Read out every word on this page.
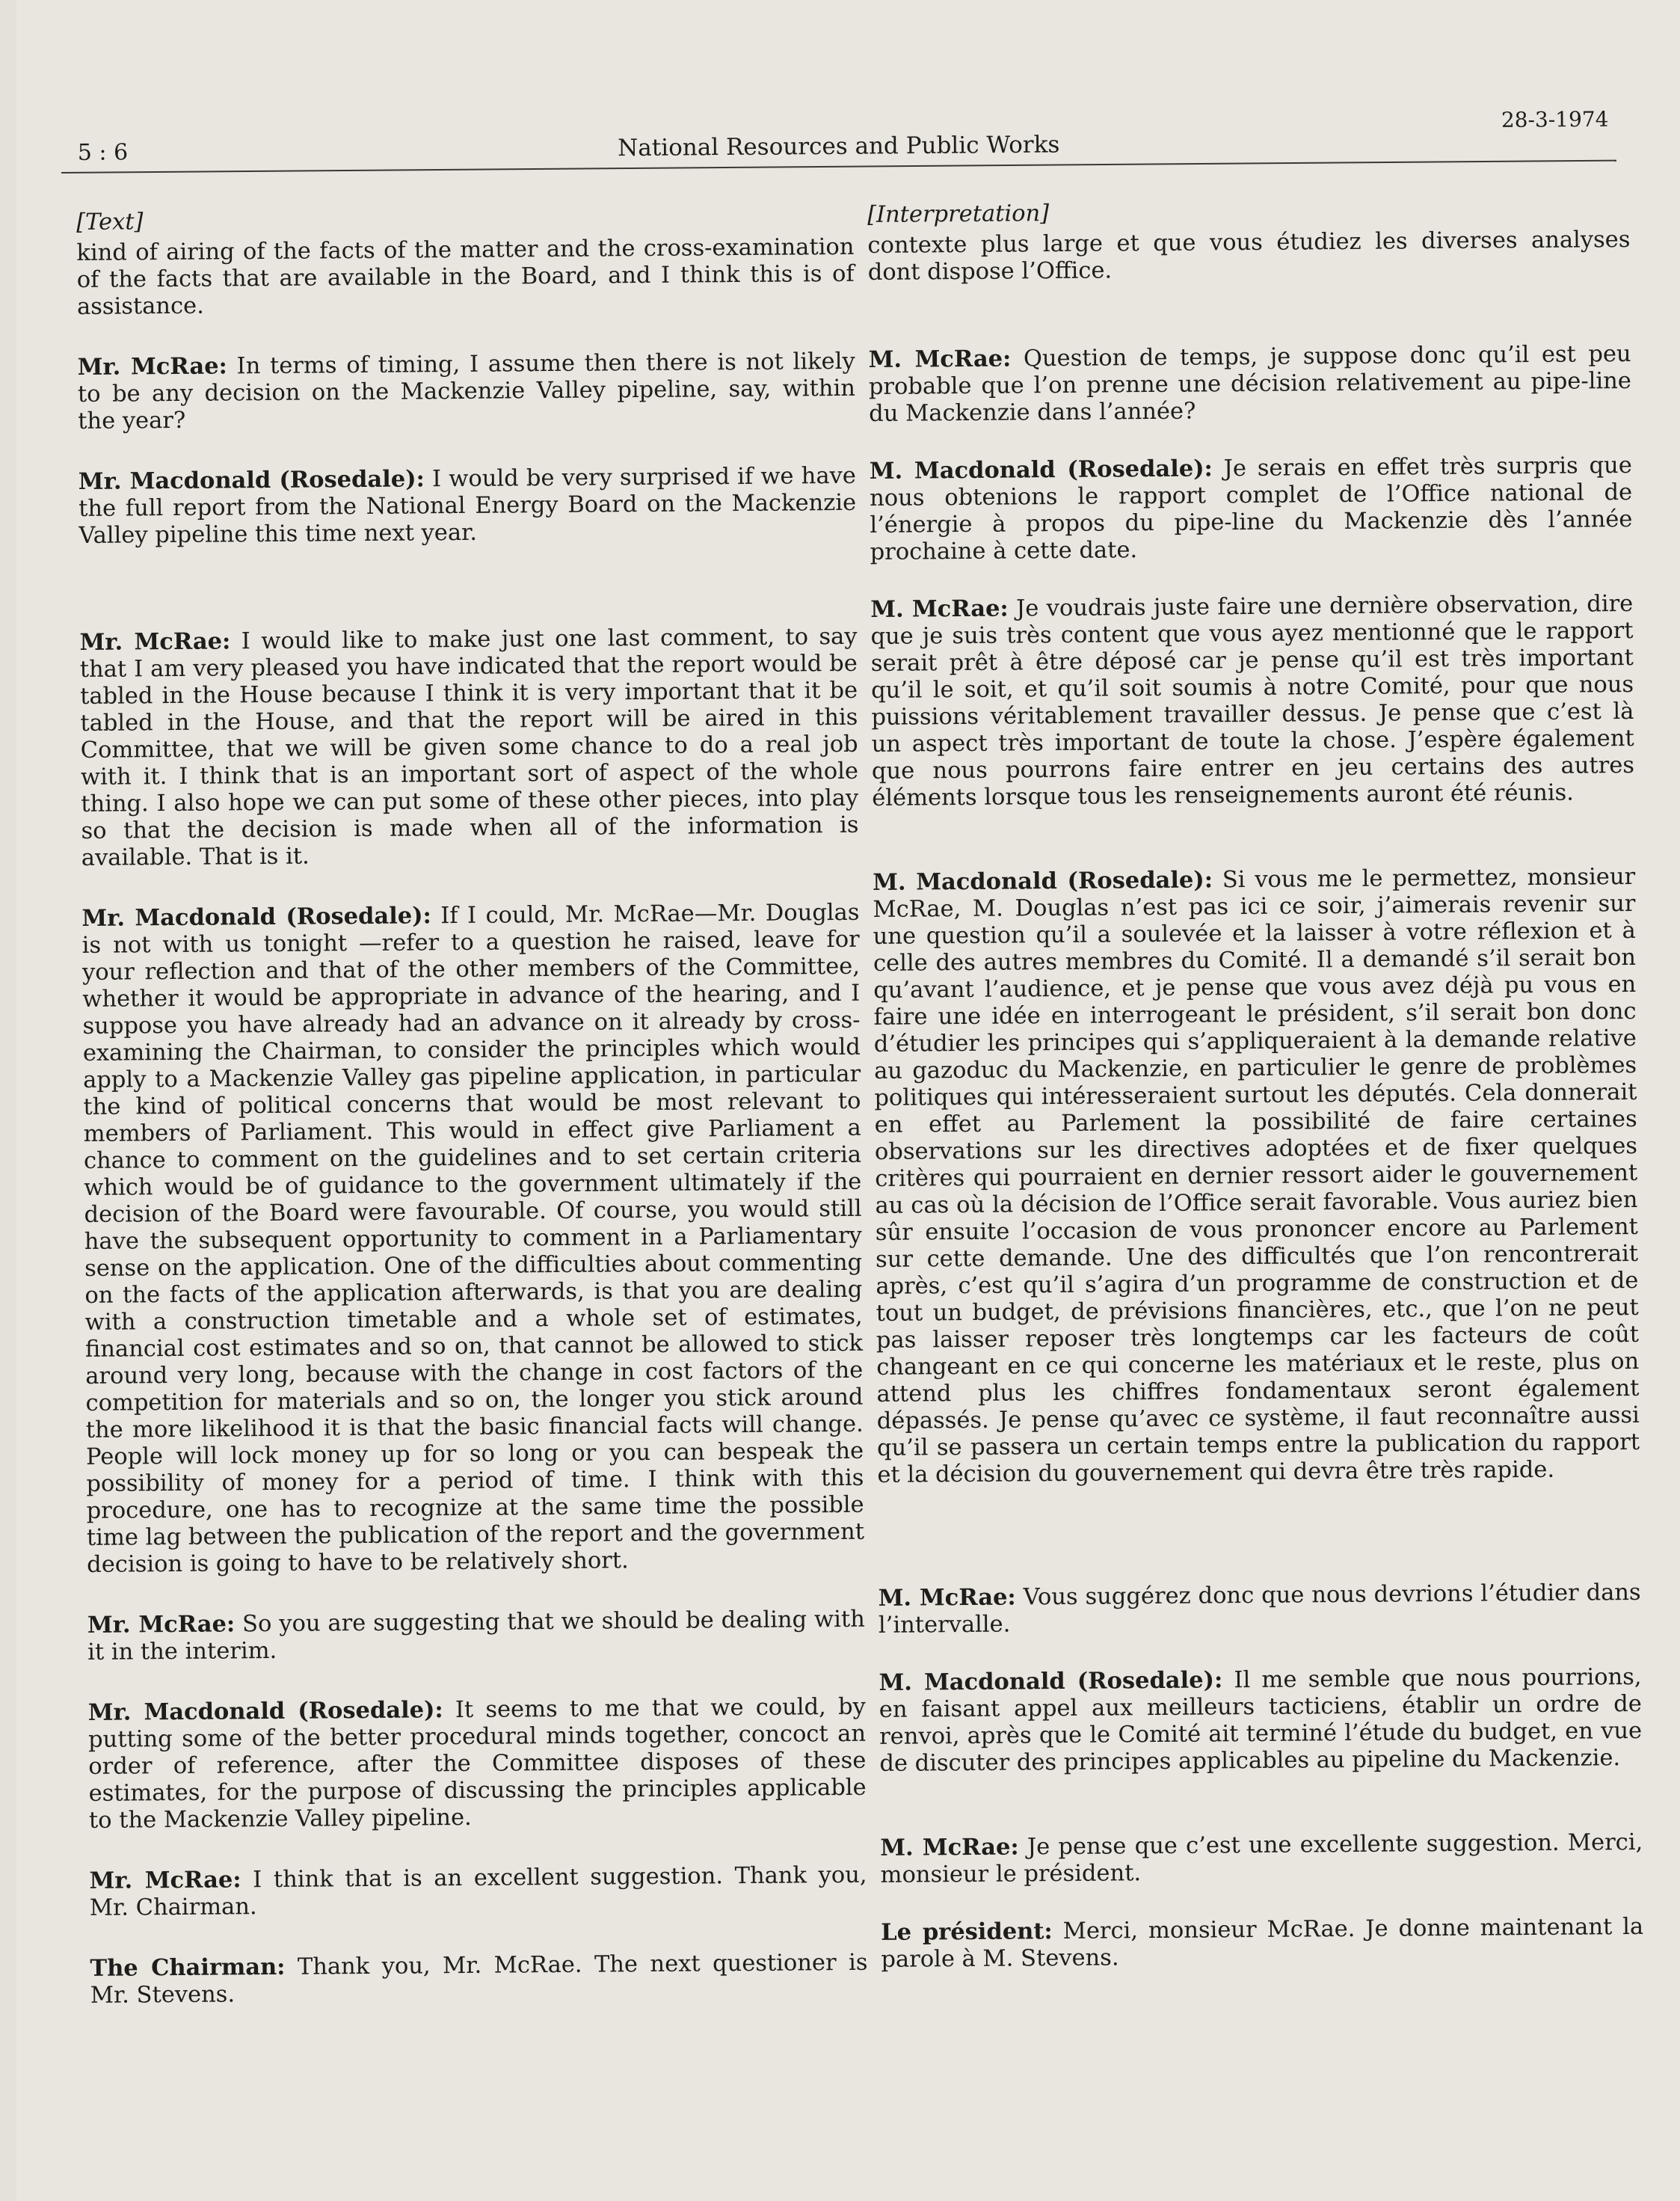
5 : 6	National Resources and Public Works
28-3-1974

[Text]

kind of airing of the facts of the matter and the cross-examination of the facts that are available in the Board, and I think this is of assistance.

Mr. McRae: In terms of timing, I assume then there is not likely to be any decision on the Mackenzie Valley pipeline, say, within the year?

Mr. Macdonald (Rosedale): I would be very surprised if we have the full report from the National Energy Board on the Mackenzie Valley pipeline this time next year.

Mr. McRae: I would like to make just one last comment, to say that I am very pleased you have indicated that the report would be tabled in the House because I think it is very important that it be tabled in the House, and that the report will be aired in this Committee, that we will be given some chance to do a real job with it. I think that is an important sort of aspect of the whole thing. I also hope we can put some of these other pieces, into play so that the decision is made when all of the information is available. That is it.

Mr. Macdonald (Rosedale): If I could, Mr. McRae—Mr. Douglas is not with us tonight —refer to a question he raised, leave for your reflection and that of the other members of the Committee, whether it would be appropriate in advance of the hearing, and I suppose you have already had an advance on it already by cross-examining the Chairman, to consider the principles which would apply to a Mackenzie Valley gas pipeline application, in particular the kind of political concerns that would be most relevant to members of Parliament. This would in effect give Parliament a chance to comment on the guidelines and to set certain criteria which would be of guidance to the government ultimately if the decision of the Board were favourable. Of course, you would still have the subsequent opportunity to comment in a Parliamentary sense on the application. One of the difficulties about commenting on the facts of the application afterwards, is that you are dealing with a construction timetable and a whole set of estimates, financial cost estimates and so on, that cannot be allowed to stick around very long, because with the change in cost factors of the competition for materials and so on, the longer you stick around the more likelihood it is that the basic financial facts will change. People will lock money up for so long or you can bespeak the possibility of money for a period of time. I think with this procedure, one has to recognize at the same time the possible time lag between the publication of the report and the government decision is going to have to be relatively short.

Mr. McRae: So you are suggesting that we should be dealing with it in the interim.

Mr. Macdonald (Rosedale): It seems to me that we could, by putting some of the better procedural minds together, concoct an order of reference, after the Committee disposes of these estimates, for the purpose of discussing the principles applicable to the Mackenzie Valley pipeline.

Mr. McRae: I think that is an excellent suggestion. Thank you, Mr. Chairman.

The Chairman: Thank you, Mr. McRae. The next questioner is Mr. Stevens.

[Interpretation]

contexte plus large et que vous étudiez les diverses analyses dont dispose l’Office.

M. McRae: Question de temps, je suppose donc qu’il est peu probable que l’on prenne une décision relativement au pipe-line du Mackenzie dans l’année?

M. Macdonald (Rosedale): Je serais en effet très surpris que nous obtenions le rapport complet de l’Office national de l’énergie à propos du pipe-line du Mackenzie dès l’année prochaine à cette date.

M. McRae: Je voudrais juste faire une dernière observation, dire que je suis très content que vous ayez mentionné que le rapport serait prêt à être déposé car je pense qu’il est très important qu’il le soit, et qu’il soit soumis à notre Comité, pour que nous puissions véritablement travailler dessus. Je pense que c’est là un aspect très important de toute la chose. J’espère également que nous pourrons faire entrer en jeu certains des autres éléments lorsque tous les renseignements auront été réunis.

M. Macdonald (Rosedale): Si vous me le permettez, monsieur McRae, M. Douglas n’est pas ici ce soir, j’aimerais revenir sur une question qu’il a soulevée et la laisser à votre réflexion et à celle des autres membres du Comité. Il a demandé s’il serait bon qu’avant l’audience, et je pense que vous avez déjà pu vous en faire une idée en interrogeant le président, s’il serait bon donc d’étudier les principes qui s’appliqueraient à la demande relative au gazoduc du Mackenzie, en particulier le genre de problèmes politiques qui intéresseraient surtout les députés. Cela donnerait en effet au Parlement la possibilité de faire certaines observations sur les directives adoptées et de fixer quelques critères qui pourraient en dernier ressort aider le gouvernement au cas où la décision de l’Office serait favorable. Vous auriez bien sûr ensuite l’occasion de vous prononcer encore au Parlement sur cette demande. Une des difficultés que l’on rencontrerait après, c’est qu’il s’agira d’un programme de construction et de tout un budget, de prévisions financières, etc., que l’on ne peut pas laisser reposer très longtemps car les facteurs de coût changeant en ce qui concerne les matériaux et le reste, plus on attend plus les chiffres fondamentaux seront également dépassés. Je pense qu’avec ce système, il faut reconnaître aussi qu’il se passera un certain temps entre la publication du rapport et la décision du gouvernement qui devra être très rapide.

M. McRae: Vous suggérez donc que nous devrions l’étudier dans l’intervalle.

M. Macdonald (Rosedale): Il me semble que nous pourrions, en faisant appel aux meilleurs tacticiens, établir un ordre de renvoi, après que le Comité ait terminé l’étude du budget, en vue de discuter des principes applicables au pipeline du Mackenzie.

M. McRae: Je pense que c’est une excellente suggestion. Merci, monsieur le président.

Le président: Merci, monsieur McRae. Je donne maintenant la parole à M. Stevens.
